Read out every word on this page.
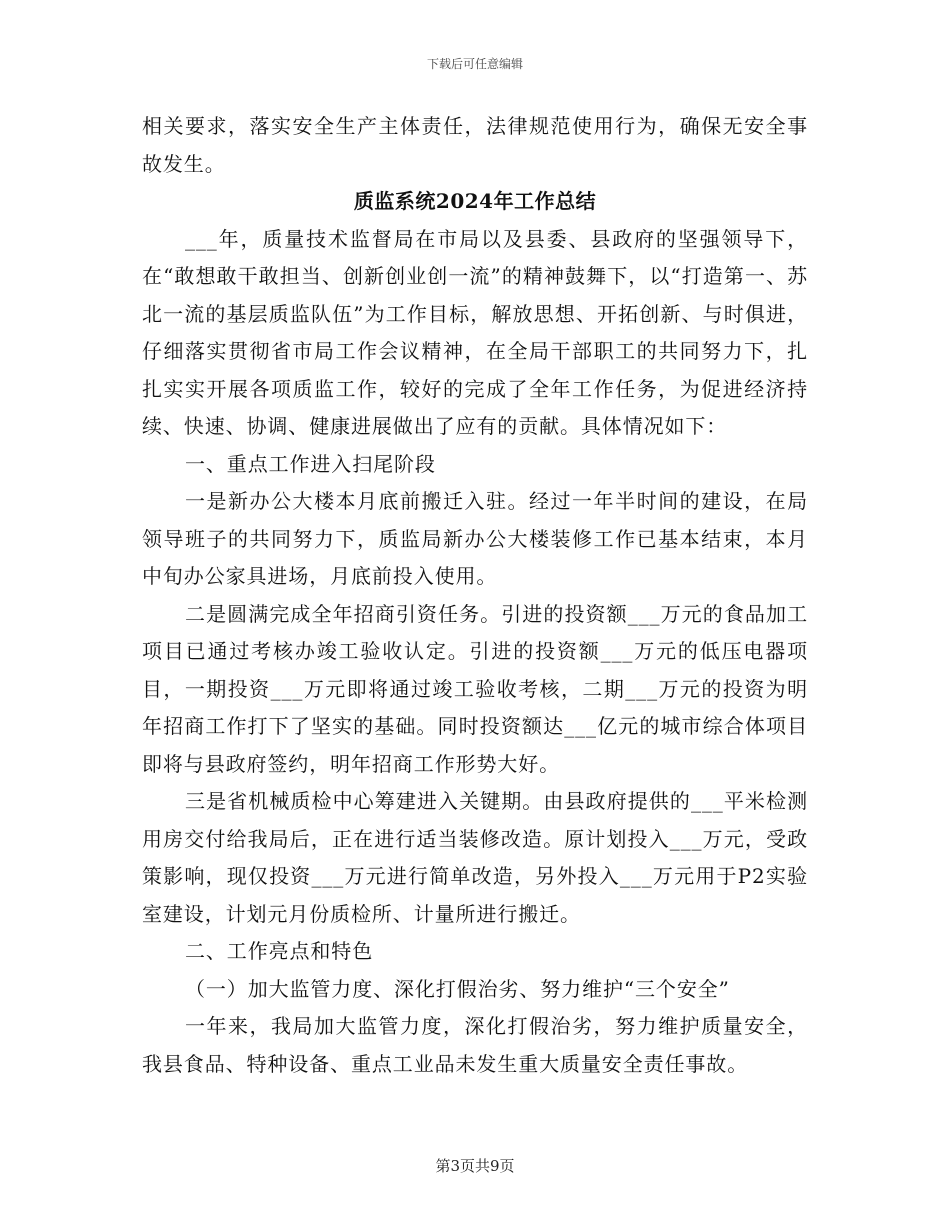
下载后可任意编辑

相关要求，落实安全生产主体责任，法律规范使用行为，确保无安全事故发生。

质监系统2024年工作总结

___年，质量技术监督局在市局以及县委、县政府的坚强领导下，在“敢想敢干敢担当、创新创业创一流”的精神鼓舞下，以“打造第一、苏北一流的基层质监队伍”为工作目标，解放思想、开拓创新、与时俱进，仔细落实贯彻省市局工作会议精神，在全局干部职工的共同努力下，扎扎实实开展各项质监工作，较好的完成了全年工作任务，为促进经济持续、快速、协调、健康进展做出了应有的贡献。具体情况如下：

一、重点工作进入扫尾阶段

一是新办公大楼本月底前搬迁入驻。经过一年半时间的建设，在局领导班子的共同努力下，质监局新办公大楼装修工作已基本结束，本月中旬办公家具进场，月底前投入使用。

二是圆满完成全年招商引资任务。引进的投资额___万元的食品加工项目已通过考核办竣工验收认定。引进的投资额___万元的低压电器项目，一期投资___万元即将通过竣工验收考核，二期___万元的投资为明年招商工作打下了坚实的基础。同时投资额达___亿元的城市综合体项目即将与县政府签约，明年招商工作形势大好。

三是省机械质检中心筹建进入关键期。由县政府提供的___平米检测用房交付给我局后，正在进行适当装修改造。原计划投入___万元，受政策影响，现仅投资___万元进行简单改造，另外投入___万元用于P2实验室建设，计划元月份质检所、计量所进行搬迁。

二、工作亮点和特色

（一）加大监管力度、深化打假治劣、努力维护“三个安全”

一年来，我局加大监管力度，深化打假治劣，努力维护质量安全，我县食品、特种设备、重点工业品未发生重大质量安全责任事故。

第3页共9页
